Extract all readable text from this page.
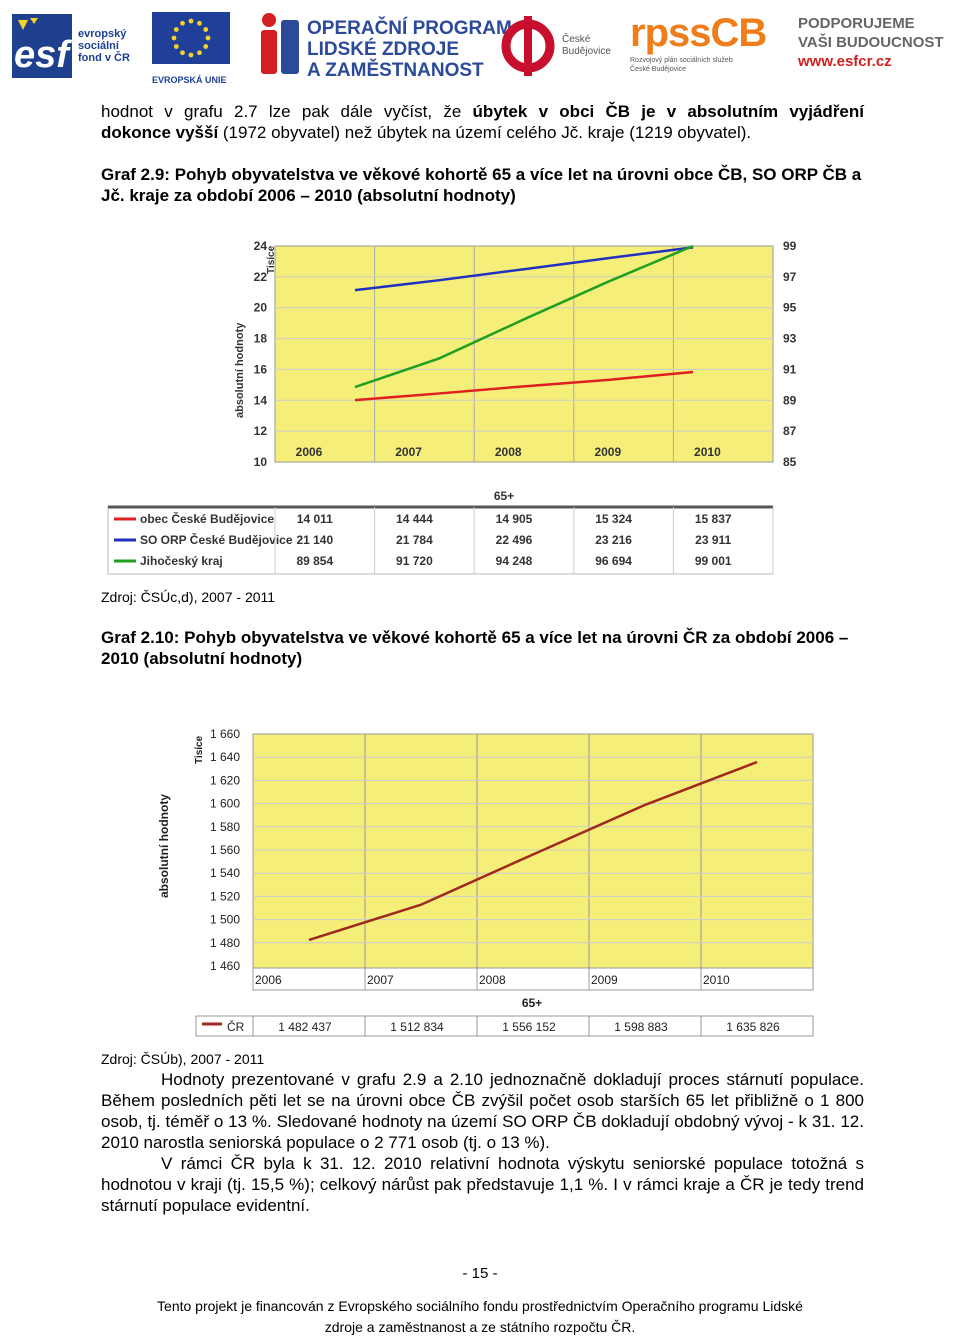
esf evropský
sociální
fond v ČR
EVROPSKÁ UNIE
OPERAČNÍ PROGRAM
LIDSKÉ ZDROJE
A ZAMĚSTNANOST
České
Budějovice rpssCB
Rozvojový plán sociálních služeb
České Budějovice
PODPORUJEME
VAŠI BUDOUCNOST
www.esfcr.cz
hodnot v grafu 2.7 lze pak dále vyčíst, že úbytek v obci ČB je v absolutním vyjádření
dokonce vyšší (1972 obyvatel) než úbytek na území celého Jč. kraje (1219 obyvatel).
Graf 2.9: Pohyb obyvatelstva ve věkové kohortě 65 a více let na úrovni obce ČB, SO ORP ČB a Jč. kraje za období 2006 – 2010 (absolutní hodnoty)
10
12
14
16
18
20
22
24
85
87
89
91
93
95
97
99
Tisíce
absolutní hodnoty
2006	2007	2008	2009	2010
65+
obec České Budějovice 14 011	14 444	14 905	15 324	15 837
SO ORP České Budějovice 21 140	21 784	22 496	23 216	23 911
Jihočeský kraj	89 854	91 720	94 248	96 694	99 001
Zdroj: ČSÚc,d), 2007 - 2011
Graf 2.10: Pohyb obyvatelstva ve věkové kohortě 65 a více let na úrovni ČR za období 2006 – 2010 (absolutní hodnoty)
1 460
1 480
1 500
1 520
1 540
1 560
1 580
1 600
1 620
1 640
1 660
Tisíce
absolutní hodnoty
2006	2007	2008	2009	2010
65+
ČR	1 482 437	1 512 834	1 556 152	1 598 883	1 635 826
Zdroj: ČSÚb), 2007 - 2011
Hodnoty prezentované v grafu 2.9 a 2.10 jednoznačně dokladují proces stárnutí populace. Během posledních pěti let se na úrovni obce ČB zvýšil počet osob starších 65 let přibližně o 1 800 osob, tj. téměř o 13 %. Sledované hodnoty na území SO ORP ČB dokladují obdobný vývoj - k 31. 12. 2010 narostla seniorská populace o 2 771 osob (tj. o 13 %).
V rámci ČR byla k 31. 12. 2010 relativní hodnota výskytu seniorské populace totožná s hodnotou v kraji (tj. 15,5 %); celkový nárůst pak představuje 1,1 %. I v rámci kraje a ČR je tedy trend stárnutí populace evidentní.
- 15 -
Tento projekt je financován z Evropského sociálního fondu prostřednictvím Operačního programu Lidské
zdroje a zaměstnanost a ze státního rozpočtu ČR.
